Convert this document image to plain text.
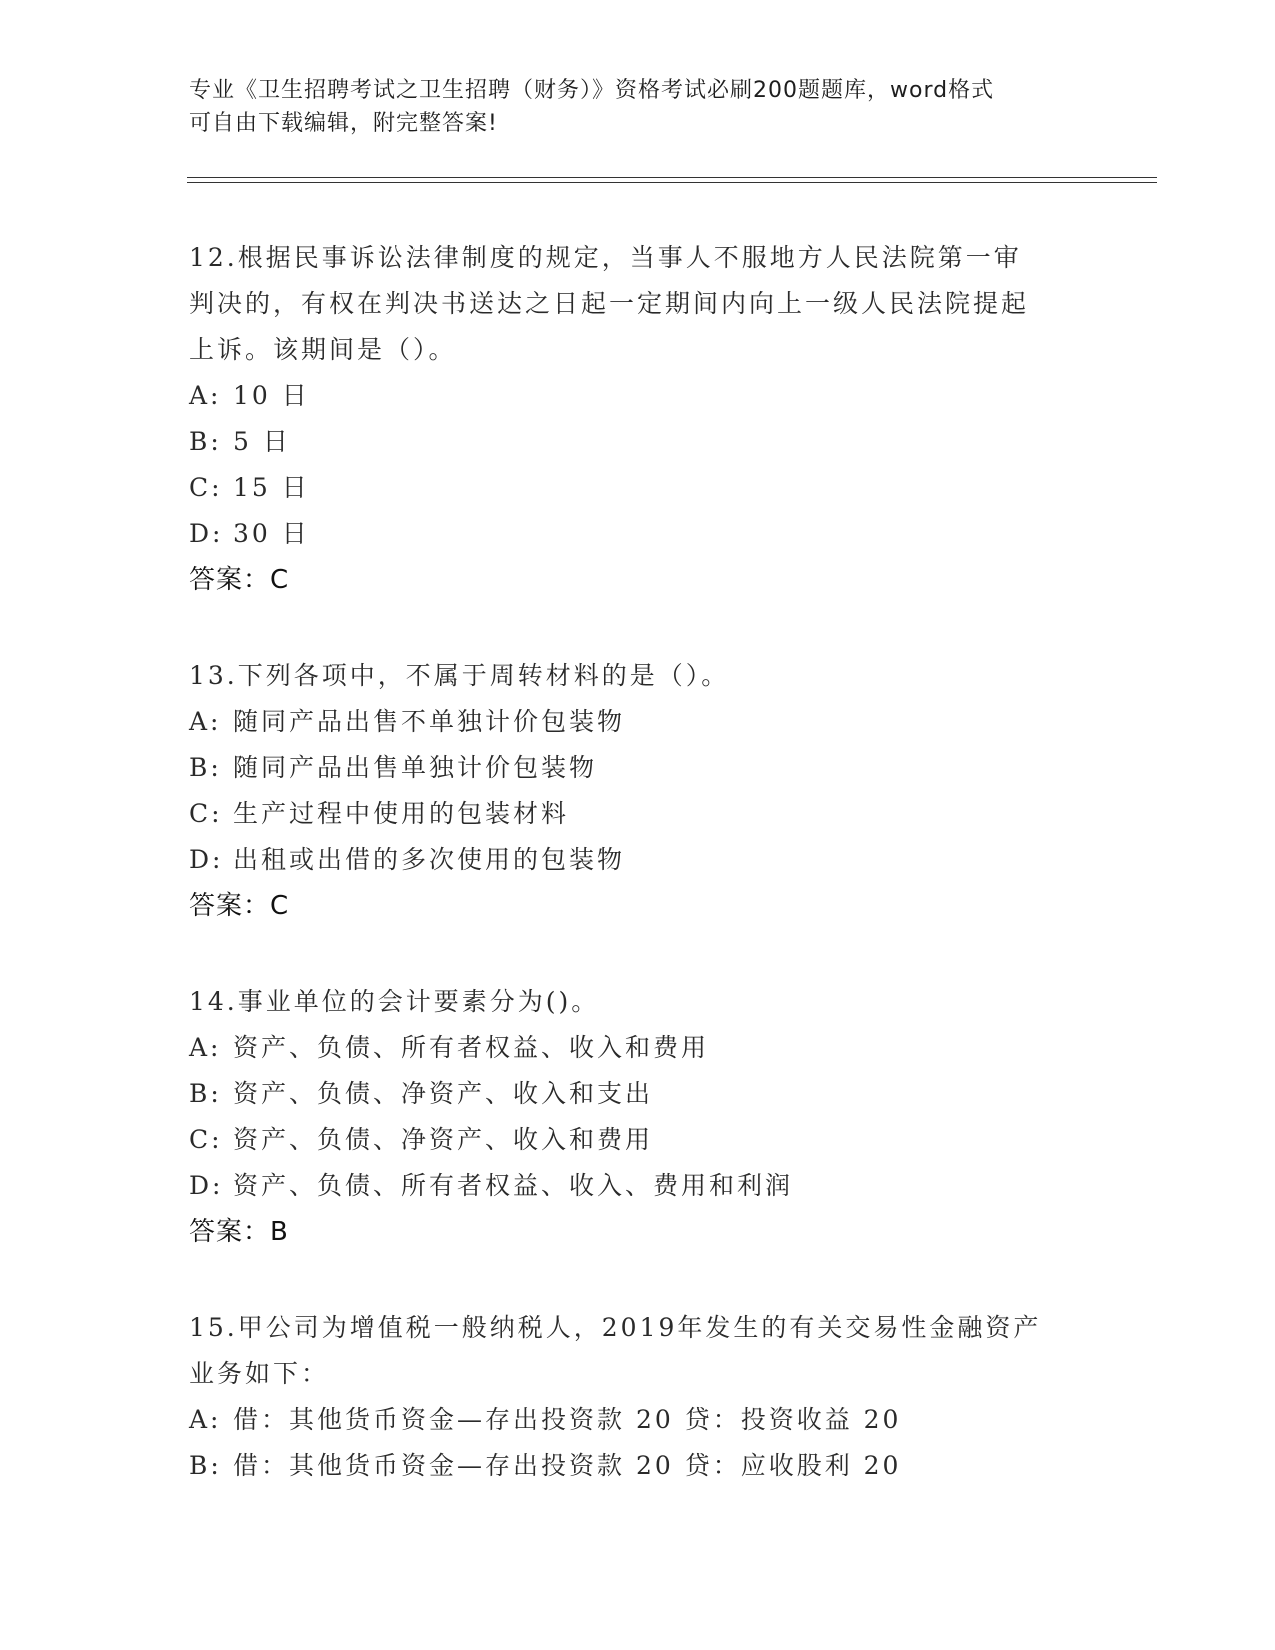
专业《卫生招聘考试之卫生招聘（财务）》资格考试必刷200题题库，word格式
可自由下载编辑，附完整答案!

12.根据民事诉讼法律制度的规定，当事人不服地方人民法院第一审判决的，有权在判决书送达之日起一定期间内向上一级人民法院提起上诉。该期间是（）。

A: 10 日

B: 5 日

C: 15 日

D: 30 日

答案：C

13.下列各项中，不属于周转材料的是（）。

A: 随同产品出售不单独计价包装物

B: 随同产品出售单独计价包装物

C: 生产过程中使用的包装材料

D: 出租或出借的多次使用的包装物

答案：C

14.事业单位的会计要素分为()。

A: 资产、负债、所有者权益、收入和费用

B: 资产、负债、净资产、收入和支出

C: 资产、负债、净资产、收入和费用

D: 资产、负债、所有者权益、收入、费用和利润

答案：B

15.甲公司为增值税一般纳税人，2019年发生的有关交易性金融资产业务如下：

A: 借：其他货币资金—存出投资款 20 贷：投资收益 20

B: 借：其他货币资金—存出投资款 20 贷：应收股利 20
